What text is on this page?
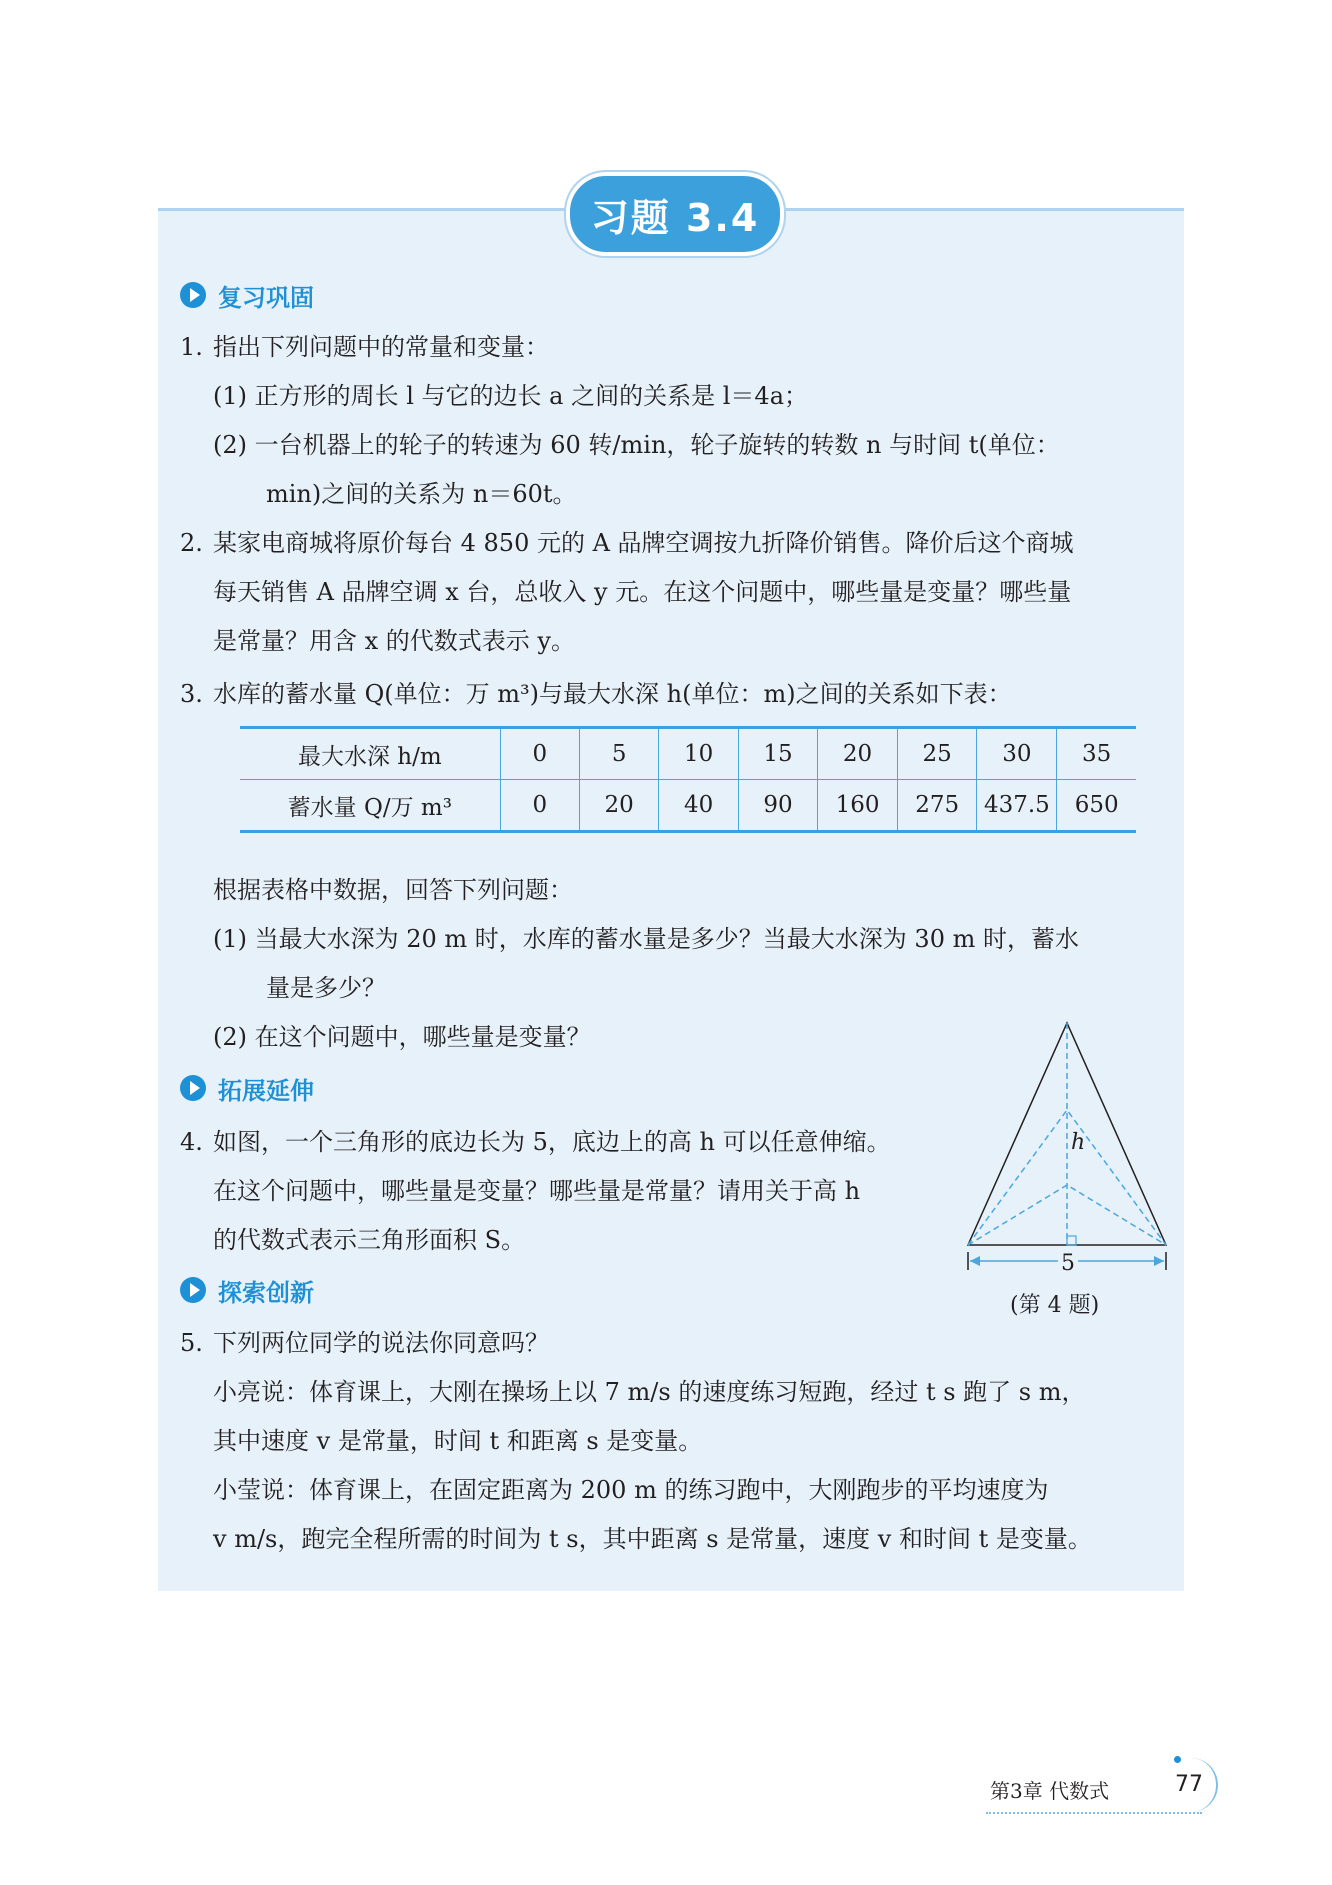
习题 3.4
复习巩固
1. 指出下列问题中的常量和变量：
(1) 正方形的周长 l 与它的边长 a 之间的关系是 l＝4a；
(2) 一台机器上的轮子的转速为 60 转/min，轮子旋转的转数 n 与时间 t(单位：
min)之间的关系为 n＝60t。
2. 某家电商城将原价每台 4 850 元的 A 品牌空调按九折降价销售。降价后这个商城
每天销售 A 品牌空调 x 台，总收入 y 元。在这个问题中，哪些量是变量？哪些量
是常量？用含 x 的代数式表示 y。
3. 水库的蓄水量 Q(单位：万 m³)与最大水深 h(单位：m)之间的关系如下表：
最大水深 h/m	0	5	10	15	20	25	30	35
蓄水量 Q/万 m³	0	20	40	90	160	275	437.5	650
根据表格中数据，回答下列问题：
(1) 当最大水深为 20 m 时，水库的蓄水量是多少？当最大水深为 30 m 时，蓄水
量是多少？
(2) 在这个问题中，哪些量是变量？
拓展延伸
4. 如图，一个三角形的底边长为 5，底边上的高 h 可以任意伸缩。
在这个问题中，哪些量是变量？哪些量是常量？请用关于高 h
的代数式表示三角形面积 S。
h
5
(第 4 题)
探索创新
5. 下列两位同学的说法你同意吗？
小亮说：体育课上，大刚在操场上以 7 m/s 的速度练习短跑，经过 t s 跑了 s m，
其中速度 v 是常量，时间 t 和距离 s 是变量。
小莹说：体育课上，在固定距离为 200 m 的练习跑中，大刚跑步的平均速度为
v m/s，跑完全程所需的时间为 t s，其中距离 s 是常量，速度 v 和时间 t 是变量。
第3章 代数式	77
